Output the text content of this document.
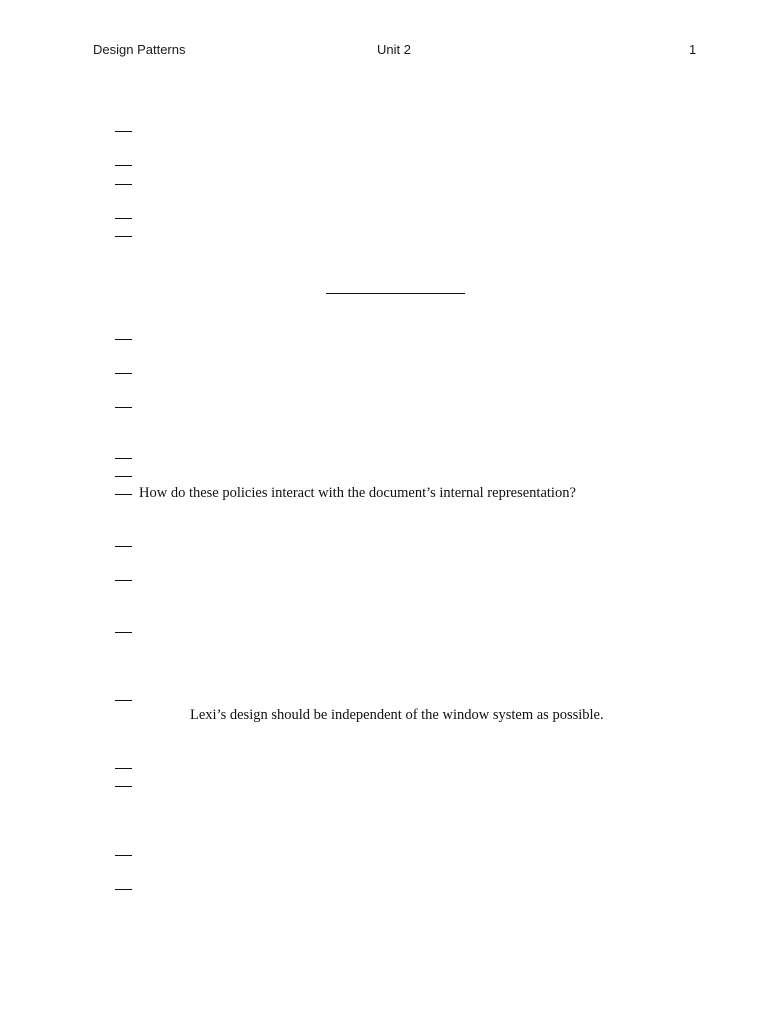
Design Patterns	Unit 2	1
How do these policies interact with the document’s internal representation?
Lexi’s design should be independent of the window system as possible.
